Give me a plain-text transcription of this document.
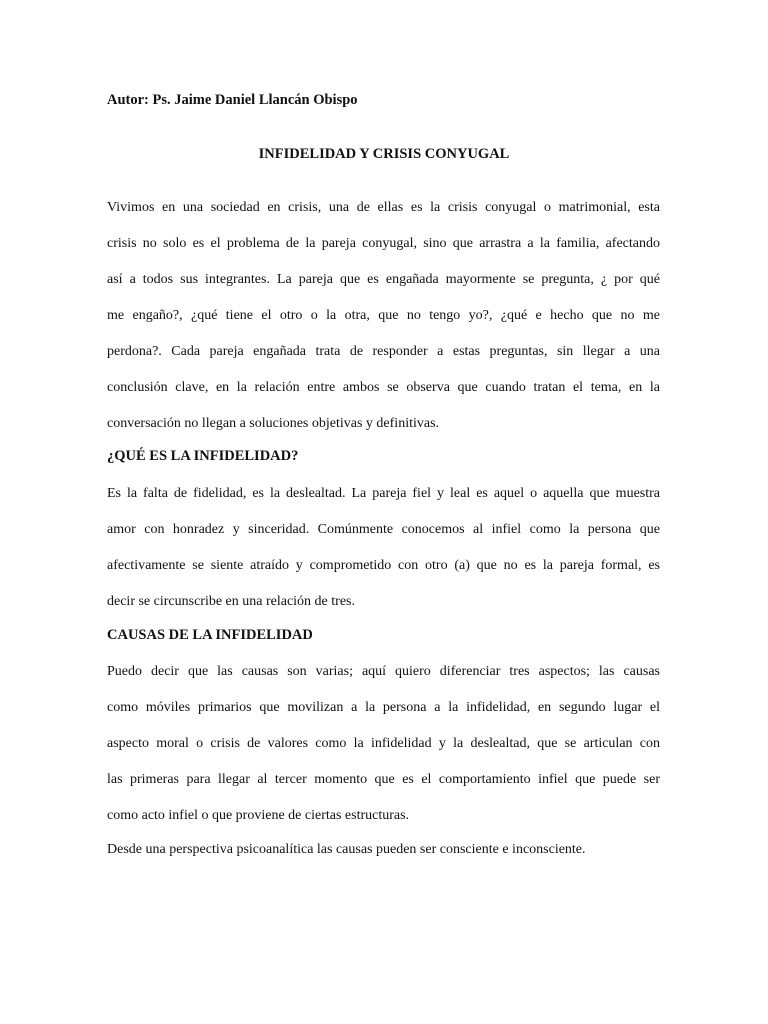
Autor: Ps. Jaime Daniel Llancán Obispo
INFIDELIDAD Y CRISIS CONYUGAL
Vivimos en una sociedad en crisis, una de ellas es la crisis conyugal o matrimonial, esta
crisis no solo es el problema de la pareja conyugal, sino que arrastra a la familia, afectando
así a todos sus integrantes. La pareja que es engañada mayormente se pregunta, ¿ por qué
me engaño?, ¿qué tiene el otro o la otra, que no tengo yo?, ¿qué e hecho que no me
perdona?. Cada pareja engañada trata de responder a estas preguntas, sin llegar a una
conclusión clave, en la relación entre ambos se observa que cuando tratan el tema, en la
conversación no llegan a soluciones objetivas y definitivas.
¿QUÉ ES LA INFIDELIDAD?
Es la falta de fidelidad, es la deslealtad. La pareja fiel y leal es aquel o aquella que muestra
amor con honradez y sinceridad. Comúnmente conocemos al infiel como la persona que
afectivamente se siente atraído y comprometido con otro (a) que no es la pareja formal, es
decir se circunscribe en una relación de tres.
CAUSAS DE LA INFIDELIDAD
Puedo decir que las causas son varias; aquí quiero diferenciar tres aspectos; las causas
como móviles primarios que movilizan a la persona a la infidelidad, en segundo lugar el
aspecto moral o crisis de valores como la infidelidad y la deslealtad, que se articulan con
las primeras para llegar al tercer momento que es el comportamiento infiel que puede ser
como acto infiel o que proviene de ciertas estructuras.
Desde una perspectiva psicoanalítica las causas pueden ser consciente e inconsciente.
